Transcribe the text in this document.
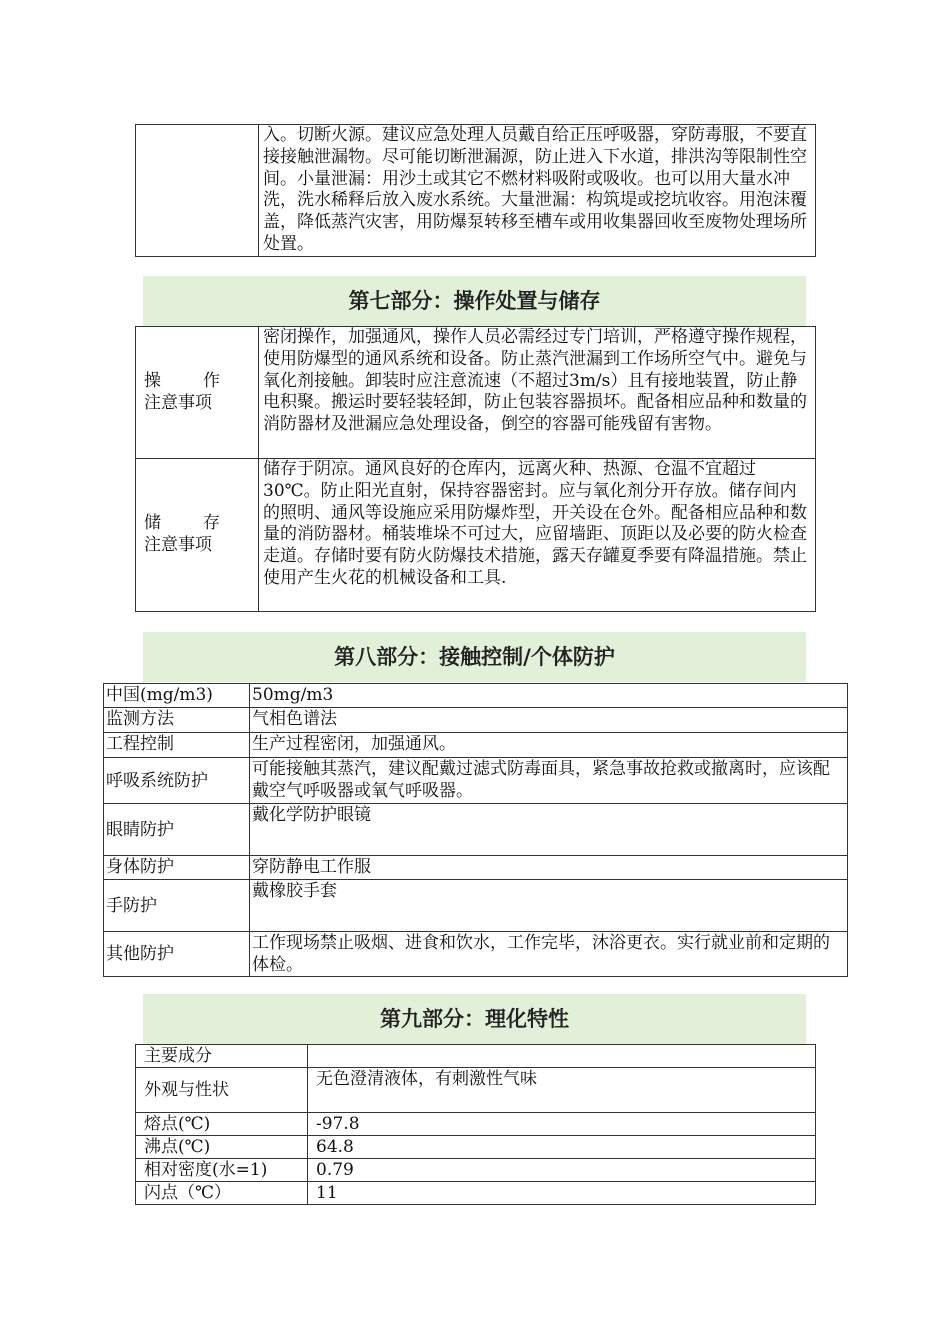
	入。切断火源。建议应急处理人员戴自给正压呼吸器，穿防毒服，不要直接接触泄漏物。尽可能切断泄漏源，防止进入下水道，排洪沟等限制性空间。小量泄漏：用沙土或其它不燃材料吸附或吸收。也可以用大量水冲洗，洗水稀释后放入废水系统。大量泄漏：构筑堤或挖坑收容。用泡沫覆盖，降低蒸汽灾害，用防爆泵转移至槽车或用收集器回收至废物处理场所处置。
第七部分：操作处置与储存
操 作
注意事项	密闭操作，加强通风，操作人员必需经过专门培训，严格遵守操作规程，使用防爆型的通风系统和设备。防止蒸汽泄漏到工作场所空气中。避免与氧化剂接触。卸装时应注意流速（不超过3m/s）且有接地装置，防止静电积聚。搬运时要轻装轻卸，防止包装容器损坏。配备相应品种和数量的消防器材及泄漏应急处理设备，倒空的容器可能残留有害物。

储 存
注意事项	储存于阴凉。通风良好的仓库内，远离火种、热源、仓温不宜超过30℃。防止阳光直射，保持容器密封。应与氧化剂分开存放。储存间内的照明、通风等设施应采用防爆炸型，开关设在仓外。配备相应品种和数量的消防器材。桶装堆垛不可过大，应留墙距、顶距以及必要的防火检查走道。存储时要有防火防爆技术措施，露天存罐夏季要有降温措施。禁止使用产生火花的机械设备和工具.
第八部分：接触控制/个体防护
中国(mg/m3)	50mg/m3
监测方法	气相色谱法
工程控制	生产过程密闭，加强通风。
呼吸系统防护	可能接触其蒸汽，建议配戴过滤式防毒面具，紧急事故抢救或撤离时，应该配戴空气呼吸器或氧气呼吸器。
眼睛防护	戴化学防护眼镜
身体防护	穿防静电工作服
手防护	戴橡胶手套
其他防护	工作现场禁止吸烟、进食和饮水，工作完毕，沐浴更衣。实行就业前和定期的体检。
第九部分：理化特性
主要成分	
外观与性状	无色澄清液体，有刺激性气味
熔点(℃)	-97.8
沸点(℃)	64.8
相对密度(水=1)	0.79
闪点（℃）	11
